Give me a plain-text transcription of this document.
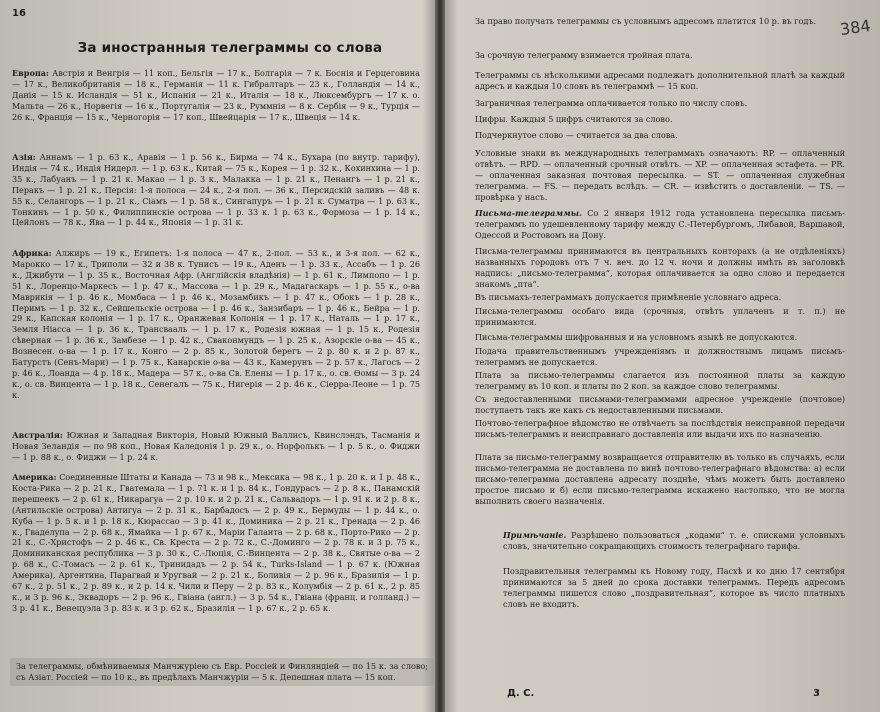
16
За иностранныя телеграммы со слова
Европа: Австрія и Венгрія — 11 коп., Бельгія — 17 к., Болгарія — 7 к. Боснія и Герцеговина — 17 к., Великобританія — 18 к., Германія — 11 к. Гибралтаръ — 23 к., Голландія — 14 к., Данія — 15 к. Исландія — 51 к., Испанія — 21 к., Италія — 18 к., Люксембургъ — 17 к. о. Мальта — 26 к., Норвегія — 16 к., Португалія — 23 к., Руммнія — 8 к. Сербія — 9 к., Турція — 26 к., Франція — 15 к., Черногорія — 17 коп., Швейцарія — 17 к., Швеція — 14 к.
Азія: Аннамъ — 1 р. 63 к., Аравія — 1 р. 56 к., Бирма — 74 к., Бухара (по внутр. тарифу), Индія — 74 к., Индія Нидерл. — 1 р. 63 к., Китай — 75 к., Корея — 1 р. 32 к., Кохинхина — 1 р. 35 к., Лабуанъ — 1 р. 21 к. Макао — 1 р. 3 к., Малакка — 1 р. 21 к., Пенангъ — 1 р. 21 к., Перакъ — 1 р. 21 к., Персія: 1-я полоса — 24 к., 2-я пол. — 36 к., Персидскій заливъ — 48 к. 55 к., Селангоръ — 1 р. 21 к., Сіамъ — 1 р. 58 к., Сингапуръ — 1 р. 21 к. Суматра — 1 р. 63 к., Тонкинъ — 1 р. 50 к., Филиппинскіе острова — 1 р. 33 к. 1 р. 63 к., Формоза — 1 р. 14 к., Цейлонъ — 78 к., Ява — 1 р. 44 к., Японія — 1 р. 31 к.
Африка: Алжиръ — 19 к., Египетъ: 1-я полоса — 47 к., 2-пол. — 53 к., и 3-я пол. — 62 к., Марокко — 17 к., Триполи — 32 и 38 к. Тунисъ — 19 к., Аденъ — 1 р. 33 к., Ассабъ — 1 р. 26 к., Джибути — 1 р. 35 к., Восточная Афр. (Англійскія владѣнія) — 1 р. 61 к., Лимпопо — 1 р. 51 к., Лоренцо-Маркесъ — 1 р. 47 к., Массова — 1 р. 29 к., Мадагаскаръ — 1 р. 55 к., о-ва Маврикія — 1 р. 46 к., Момбаса — 1 р. 46 к., Мозамбикъ — 1 р. 47 к., Обокъ — 1 р. 28 к., Перимъ — 1 р. 32 к., Сейшельскіе острова — 1 р. 46 к., Занзибаръ — 1 р. 46 к., Бейра — 1 р. 29 к., Капская колонія — 1 р. 17 к., Оранжевая Колонія — 1 р. 17 к., Наталь — 1 р. 17 к., Земля Ніасса — 1 р. 36 к., Трансвааль — 1 р. 17 к., Родезія южная — 1 р. 15 к., Родезія сѣверная — 1 р. 36 к., Замбезе — 1 р. 42 к., Сваконмундъ — 1 р. 25 к., Азорскіе о-ва — 45 к., Вознесен. о-ва — 1 р. 17 к., Конго — 2 р. 85 к., Золотой берегъ — 2 р. 80 к. и 2 р. 87 к., Батурстъ (Сенъ-Мари) — 1 р. 75 к., Канарскіе о-ва — 43 к., Камерунъ — 2 р. 57 к., Лагосъ — 2 р. 46 к., Лоанда — 4 р. 18 к., Мадера — 57 к., о-ва Св. Елены — 1 р. 17 к., о. св. Ѳомы — 3 р. 24 к., о. св. Винцента — 1 р. 18 к., Сенегалъ — 75 к., Нигерія — 2 р. 46 к., Сіерра-Леоне — 1 р. 75 к.
Австралія: Южная и Западная Викторія, Новый Южный Валлисъ, Квинслэндъ, Тасманія и Новая Зеландія — по 98 коп., Новая Каледонія 1 р. 29 к., о. Норфолькъ — 1 р. 5 к., о. Фиджи — 1 р. 88 к., о. Фиджи — 1 р. 24 к.
Америка: Соединенные Штаты и Канада — 73 и 98 к., Мексика — 98 к., 1 р. 20 к. и 1 р. 48 к., Коста-Рика — 2 р. 21 к., Гватемала — 1 р. 71 к. и 1 р. 84 к., Гондурасъ — 2 р. 8 к., Панамскій перешеекъ — 2 р. 61 к., Никарагуа — 2 р. 10 к. и 2 р. 21 к., Сальвадоръ — 1 р. 91 к. и 2 р. 8 к., (Антильскіе острова) Антигуа — 2 р. 31 к., Барбадосъ — 2 р. 49 к., Бермуды — 1 р. 44 к., о. Куба — 1 р. 5 к. и 1 р. 18 к., Кюрассао — 3 р. 41 к., Доминика — 2 р. 21 к., Гренада — 2 р. 46 к., Гваделупа — 2 р. 68 к., Ямайка — 1 р. 67 к., Маріи Галанта — 2 р. 68 к., Порто-Рико — 2 р. 21 к., С.-Христофъ — 2 р. 46 к., Св. Креста — 2 р. 72 к., С.-Доминго — 2 р. 78 к. и 3 р. 75 к., Доминиканская республика — 3 р. 30 к., С.-Люція, С.-Винцента — 2 р. 38 к., Святые о-ва — 2 р. 68 к., С.-Томасъ — 2 р. 61 к., Тринидадъ — 2 р. 54 к., Turks-Island — 1 р. 67 к. (Южная Америка), Аргентина, Парагвай и Уругвай — 2 р. 21 к., Боливія — 2 р. 96 к., Бразилія — 1 р. 67 к., 2 р. 51 к., 2 р. 89 к., и 2 р. 14 к. Чили и Перу — 2 р. 83 к., Колумбія — 2 р. 61 к., 2 р. 85 к., и 3 р. 96 к., Эквадоръ — 2 р. 96 к., Гвіана (англ.) — 3 р. 54 к., Гвіана (франц. и голланд.) — 3 р. 41 к., Венецуэла 3 р. 83 к. и 3 р. 62 к., Бразилія — 1 р. 67 к., 2 р. 65 к.
За телеграммы, обмѣниваемыя Манчжуріею съ Евр. Россіей и Финляндіей — по 15 к. за слово; съ Азіат. Россіей — по 10 к., въ предѣлахъ Манчжуріи — 5 к. Депешная плата — 15 коп.
За право получать телеграммы съ условнымъ адресомъ платится 10 р. въ годъ.
За срочную телеграмму взимается тройная плата.
Телеграммы съ нѣсколькими адресами подлежатъ дополнительной платѣ за каждый адресъ и каждыя 10 словъ въ телеграммѣ — 15 коп.
Заграничная телеграмма оплачивается только по числу словъ.
Цифры. Каждыя 5 цифръ считаются за слово.
Подчеркнутое слово — считается за два слова.
Условные знаки въ международныхъ телеграммахъ означаютъ: RP. — оплаченный отвѣтъ. — RPD. — оплаченный срочный отвѣтъ. — XP. — оплаченная эстафета. — PR. — оплаченная заказная почтовая пересылка. — ST. — оплаченная служебная телеграмма. — FS. — передать вслѣдъ. — CR. — извѣстить о доставленіи. — TS. — провѣрка у насъ.
Письма-телеграммы. Со 2 января 1912 года установлена пересылка письмъ-телеграммъ по удешевленному тарифу между С.-Петербургомъ, Либавой, Варшавой, Одессой и Ростовомъ на Дону.
Письма-телеграммы принимаются въ центральныхъ конторахъ (а не отдѣленіяхъ) названныхъ городовъ отъ 7 ч. веч. до 12 ч. ночи и должны имѣть въ заголовкѣ надпись: „письмо-телеграмма“, которая оплачивается за одно слово и передается знакомъ „пта“.
Въ письмахъ-телеграммахъ допускается примѣненіе условнаго адреса.
Письма-телеграммы особаго вида (срочныя, отвѣтъ уплаченъ и т. п.) не принимаются.
Письма-телеграммы шифрованныя и на условномъ языкѣ не допускаются.
Подача правительственнымъ учрежденіямъ и должностнымъ лицамъ письмъ-телеграммъ не допускается.
Плата за письмо-телеграммы слагается изъ постоянной платы за каждую телеграмму въ 10 коп. и платы по 2 коп. за каждое слово телеграммы.
Съ недоставленными письмами-телеграммами адресное учрежденіе (почтовое) поступаетъ такъ же какъ съ недоставленными письмами.
Почтово-телеграфное вѣдомство не отвѣчаетъ за послѣдствія неисправной передачи письмъ-телеграммъ и неисправнаго доставленія или выдачи ихъ по назначенію.
Плата за письмо-телеграмму возвращается отправителю въ только въ случаяхъ, если письмо-телеграмма не доставлена по винѣ почтово-телеграфнаго вѣдомства: а) если письмо-телеграмма доставлена адресату позднѣе, чѣмъ можетъ быть доставлено простое письмо и б) если письмо-телеграмма искажено настолько, что не могла выполнить своего назначенія.
Примѣчаніе. Разрѣшено пользоваться „кодами“ т. е. списками условныхъ словъ, значительно сокращающихъ стоимость телеграфнаго тарифа.
Поздравительныя телеграммы къ Новому году, Пасхѣ и ко дню 17 сентября принимаются за 5 дней до срока доставки телеграммъ. Передъ адресомъ телеграммы пишется слово „поздравительная“, которое въ число платныхъ словъ не входитъ.
Д. С.	3
384
